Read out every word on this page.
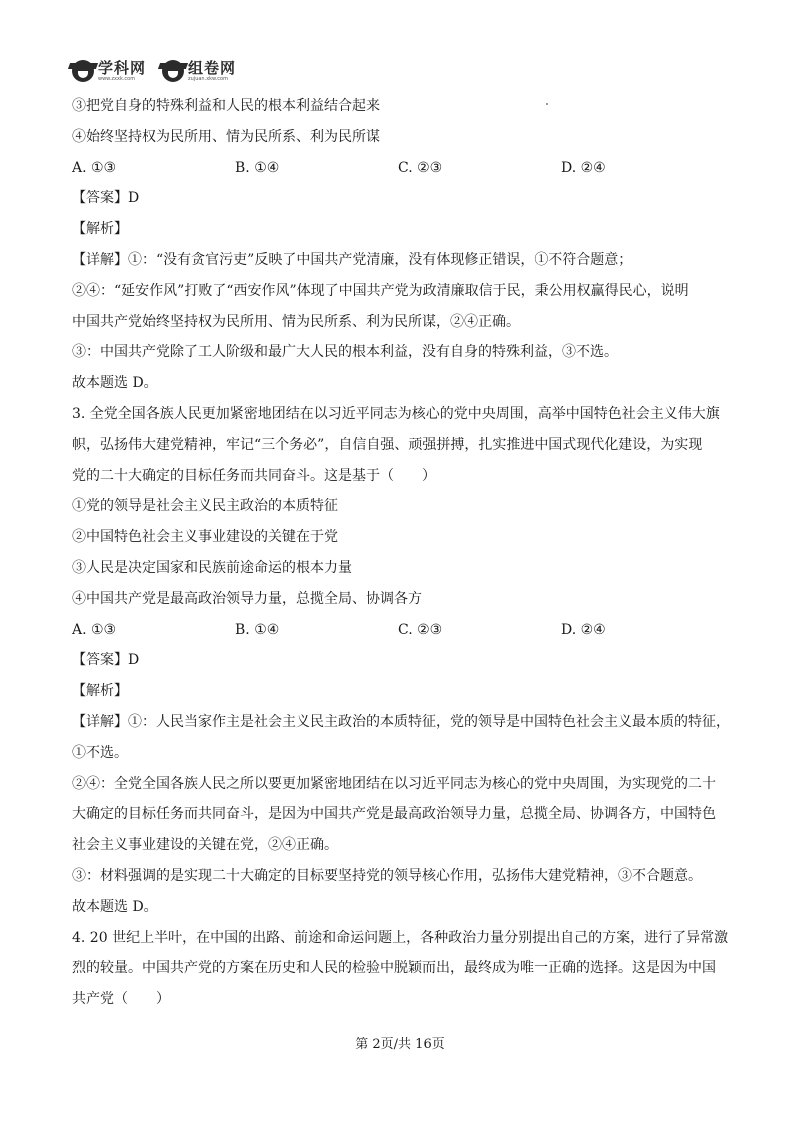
学科网
www.zxxk.com
组卷网
zujuan.xkw.com
③把党自身的特殊利益和人民的根本利益结合起来
④始终坚持权为民所用、情为民所系、利为民所谋
A. ①③	B. ①④	C. ②③	D. ②④
【答案】D
【解析】
【详解】①：“没有贪官污吏”反映了中国共产党清廉，没有体现修正错误，①不符合题意；
②④：“延安作风”打败了“西安作风”体现了中国共产党为政清廉取信于民，秉公用权赢得民心，说明
中国共产党始终坚持权为民所用、情为民所系、利为民所谋，②④正确。
③：中国共产党除了工人阶级和最广大人民的根本利益，没有自身的特殊利益，③不选。
故本题选 D。
3. 全党全国各族人民更加紧密地团结在以习近平同志为核心的党中央周围，高举中国特色社会主义伟大旗
帜，弘扬伟大建党精神，牢记“三个务必”，自信自强、顽强拼搏，扎实推进中国式现代化建设，为实现
党的二十大确定的目标任务而共同奋斗。这是基于（　　）
①党的领导是社会主义民主政治的本质特征
②中国特色社会主义事业建设的关键在于党
③人民是决定国家和民族前途命运的根本力量
④中国共产党是最高政治领导力量，总揽全局、协调各方
A. ①③	B. ①④	C. ②③	D. ②④
【答案】D
【解析】
【详解】①：人民当家作主是社会主义民主政治的本质特征，党的领导是中国特色社会主义最本质的特征，
①不选。
②④：全党全国各族人民之所以要更加紧密地团结在以习近平同志为核心的党中央周围，为实现党的二十
大确定的目标任务而共同奋斗，是因为中国共产党是最高政治领导力量，总揽全局、协调各方，中国特色
社会主义事业建设的关键在党，②④正确。
③：材料强调的是实现二十大确定的目标要坚持党的领导核心作用，弘扬伟大建党精神，③不合题意。
故本题选 D。
4. 20 世纪上半叶，在中国的出路、前途和命运问题上，各种政治力量分别提出自己的方案，进行了异常激
烈的较量。中国共产党的方案在历史和人民的检验中脱颖而出，最终成为唯一正确的选择。这是因为中国
共产党（　　）
第 2页/共 16页
